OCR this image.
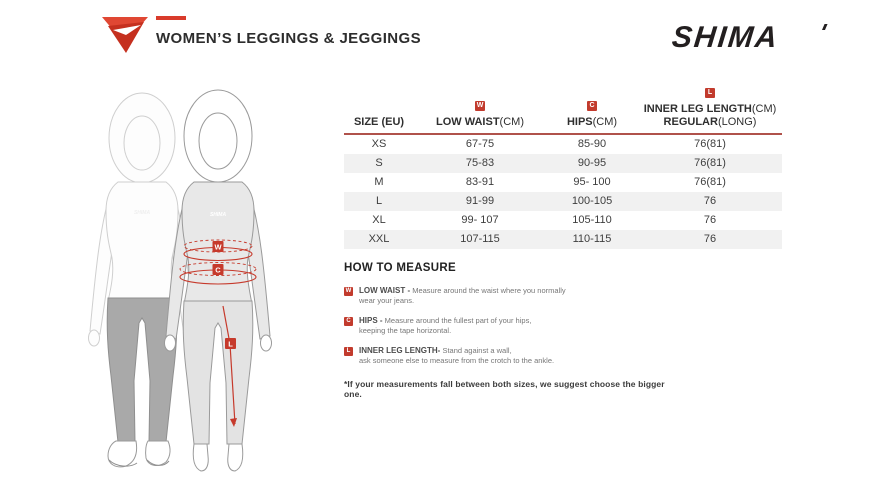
WOMEN’S LEGGINGS & JEGGINGS	SHIMA
SHIMA	SHIMA
W
C
L
SIZE (EU)
W
LOW WAIST(CM)
C
HIPS(CM)
L
INNER LEG LENGTH(CM)
REGULAR(LONG)
XS	67-75	85-90	76(81)
S	75-83	90-95	76(81)
M	83-91	95- 100	76(81)
L	91-99	100-105	76
XL	99- 107	105-110	76
XXL	107-115	110-115	76
HOW TO MEASURE
W LOW WAIST - Measure around the waist where you normally
wear your jeans.
C HIPS - Measure around the fullest part of your hips,
keeping the tape horizontal.
L	INNER LEG LENGTH- Stand against a wall,
ask someone else to measure from the crotch to the ankle.
*If your measurements fall between both sizes, we suggest choose the bigger one.
